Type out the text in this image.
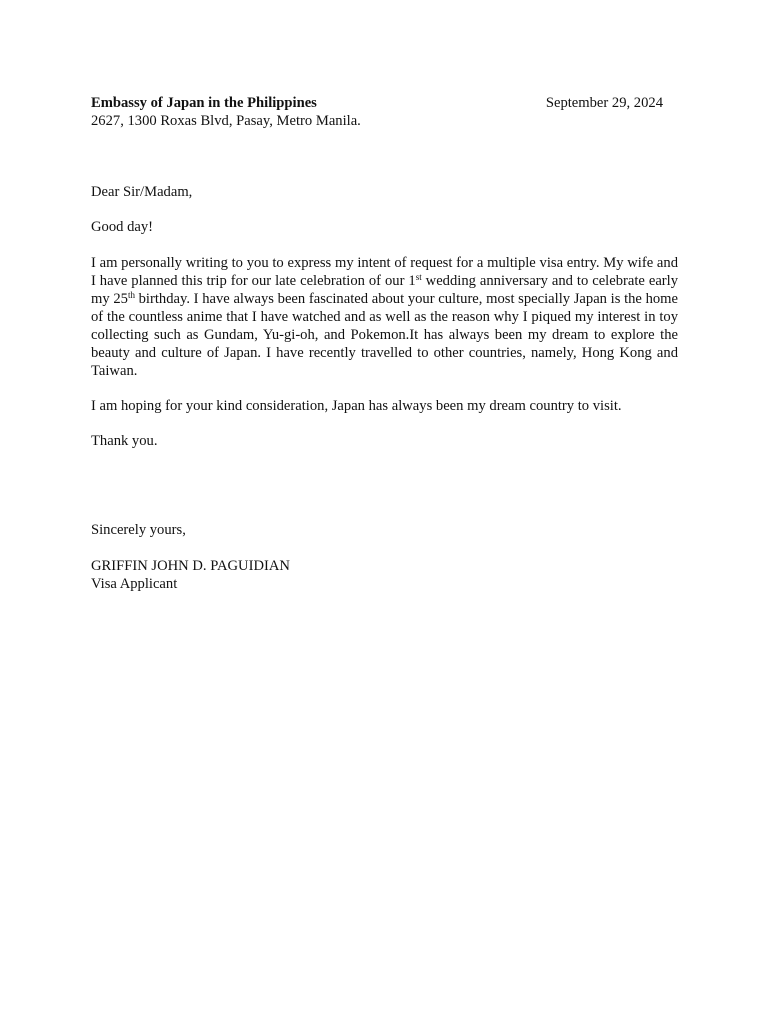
Embassy of Japan in the Philippines
2627, 1300 Roxas Blvd, Pasay, Metro Manila.
September 29, 2024
Dear Sir/Madam,
Good day!
I am personally writing to you to express my intent of request for a multiple visa entry. My wife and I have planned this trip for our late celebration of our 1st wedding anniversary and to celebrate early my 25th birthday. I have always been fascinated about your culture, most specially Japan is the home of the countless anime that I have watched and as well as the reason why I piqued my interest in toy collecting such as Gundam, Yu-gi-oh, and Pokemon.It has always been my dream to explore the beauty and culture of Japan. I have recently travelled to other countries, namely, Hong Kong and Taiwan.
I am hoping for your kind consideration, Japan has always been my dream country to visit.
Thank you.
Sincerely yours,
GRIFFIN JOHN D. PAGUIDIAN
Visa Applicant
